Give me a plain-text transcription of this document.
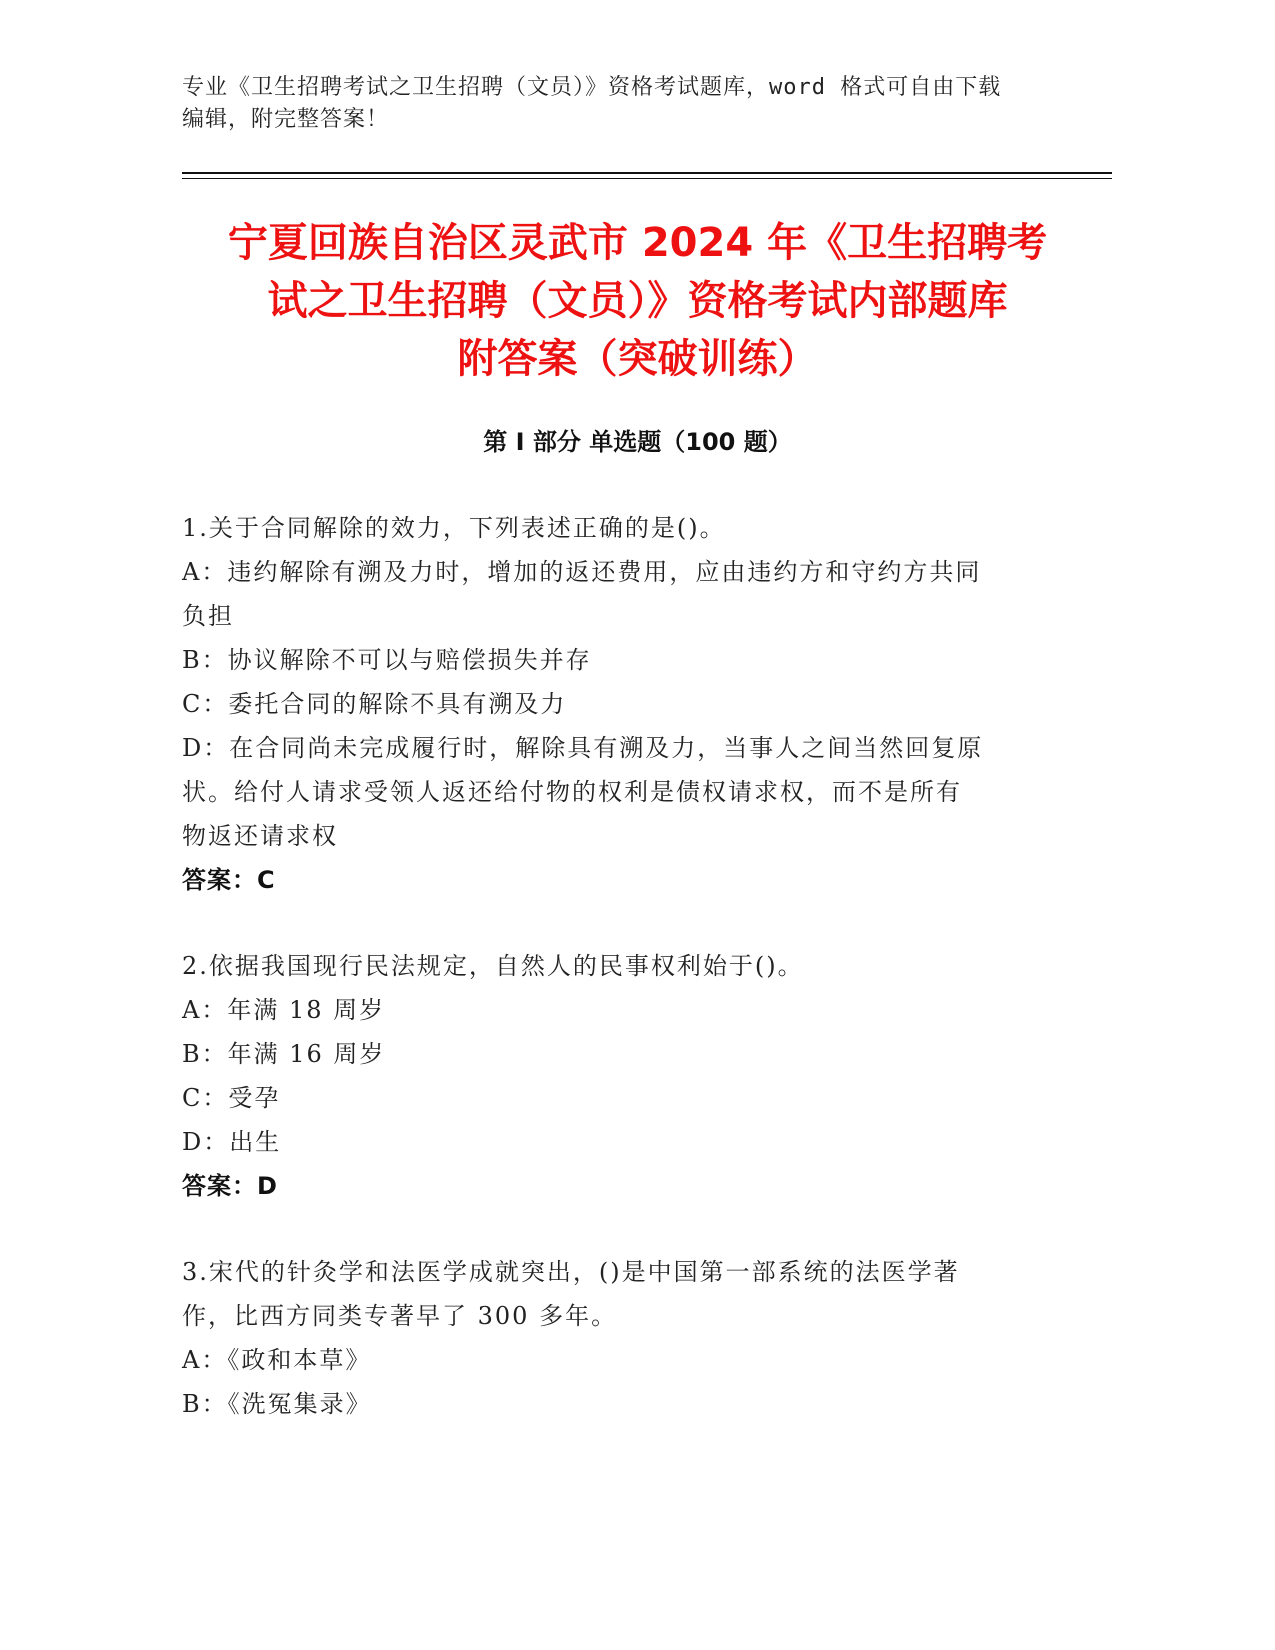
专业《卫生招聘考试之卫生招聘（文员）》资格考试题库，word 格式可自由下载
编辑，附完整答案！
宁夏回族自治区灵武市 2024 年《卫生招聘考
试之卫生招聘（文员）》资格考试内部题库
附答案（突破训练）
第 I 部分 单选题（100 题）

1.关于合同解除的效力，下列表述正确的是()。

A：违约解除有溯及力时，增加的返还费用，应由违约方和守约方共同

负担

B：协议解除不可以与赔偿损失并存

C：委托合同的解除不具有溯及力

D：在合同尚未完成履行时，解除具有溯及力，当事人之间当然回复原

状。给付人请求受领人返还给付物的权利是债权请求权，而不是所有

物返还请求权

答案：C

2.依据我国现行民法规定，自然人的民事权利始于()。

A：年满 18 周岁

B：年满 16 周岁

C：受孕

D：出生

答案：D

3.宋代的针灸学和法医学成就突出，()是中国第一部系统的法医学著

作，比西方同类专著早了 300 多年。

A：《政和本草》

B：《洗冤集录》
